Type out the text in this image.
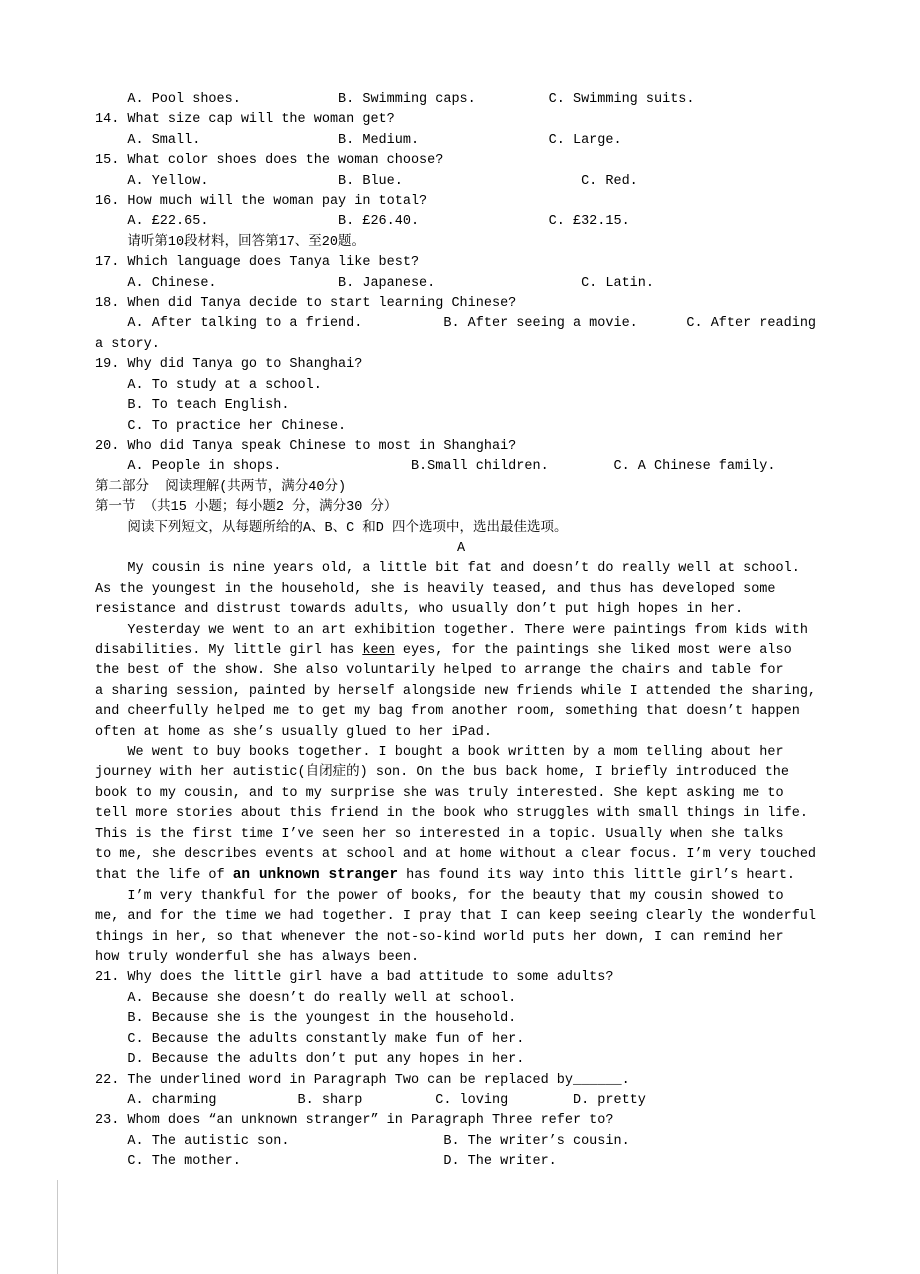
A. Pool shoes.            B. Swimming caps.         C. Swimming suits.
14. What size cap will the woman get?
A. Small.                 B. Medium.                C. Large.
15. What color shoes does the woman choose?
A. Yellow.                B. Blue.                      C. Red.
16. How much will the woman pay in total?
A. £22.65.                B. £26.40.                C. £32.15.
请听第10段材料，回答第17、至20题。
17. Which language does Tanya like best?
A. Chinese.               B. Japanese.                  C. Latin.
18. When did Tanya decide to start learning Chinese?
A. After talking to a friend.          B. After seeing a movie.      C. After reading
a story.
19. Why did Tanya go to Shanghai?
A. To study at a school.
B. To teach English.
C. To practice her Chinese.
20. Who did Tanya speak Chinese to most in Shanghai?
A. People in shops.                B.Small children.        C. A Chinese family.
第二部分  阅读理解(共两节，满分40分)
第一节 （共15 小题；每小题2 分，满分30 分）
阅读下列短文，从每题所给的A、B、C 和D 四个选项中，选出最佳选项。
A
My cousin is nine years old, a little bit fat and doesn’t do really well at school.
As the youngest in the household, she is heavily teased, and thus has developed some
resistance and distrust towards adults, who usually don’t put high hopes in her.
Yesterday we went to an art exhibition together. There were paintings from kids with
disabilities. My little girl has keen eyes, for the paintings she liked most were also
the best of the show. She also voluntarily helped to arrange the chairs and table for
a sharing session, painted by herself alongside new friends while I attended the sharing,
and cheerfully helped me to get my bag from another room, something that doesn’t happen
often at home as she’s usually glued to her iPad.
We went to buy books together. I bought a book written by a mom telling about her
journey with her autistic(自闭症的) son. On the bus back home, I briefly introduced the
book to my cousin, and to my surprise she was truly interested. She kept asking me to
tell more stories about this friend in the book who struggles with small things in life.
This is the first time I’ve seen her so interested in a topic. Usually when she talks
to me, she describes events at school and at home without a clear focus. I’m very touched
that the life of an unknown stranger has found its way into this little girl’s heart.
I’m very thankful for the power of books, for the beauty that my cousin showed to
me, and for the time we had together. I pray that I can keep seeing clearly the wonderful
things in her, so that whenever the not-so-kind world puts her down, I can remind her
how truly wonderful she has always been.
21. Why does the little girl have a bad attitude to some adults?
A. Because she doesn’t do really well at school.
B. Because she is the youngest in the household.
C. Because the adults constantly make fun of her.
D. Because the adults don’t put any hopes in her.
22. The underlined word in Paragraph Two can be replaced by______.
A. charming          B. sharp         C. loving        D. pretty
23. Whom does “an unknown stranger” in Paragraph Three refer to?
A. The autistic son.                   B. The writer’s cousin.
C. The mother.                         D. The writer.
